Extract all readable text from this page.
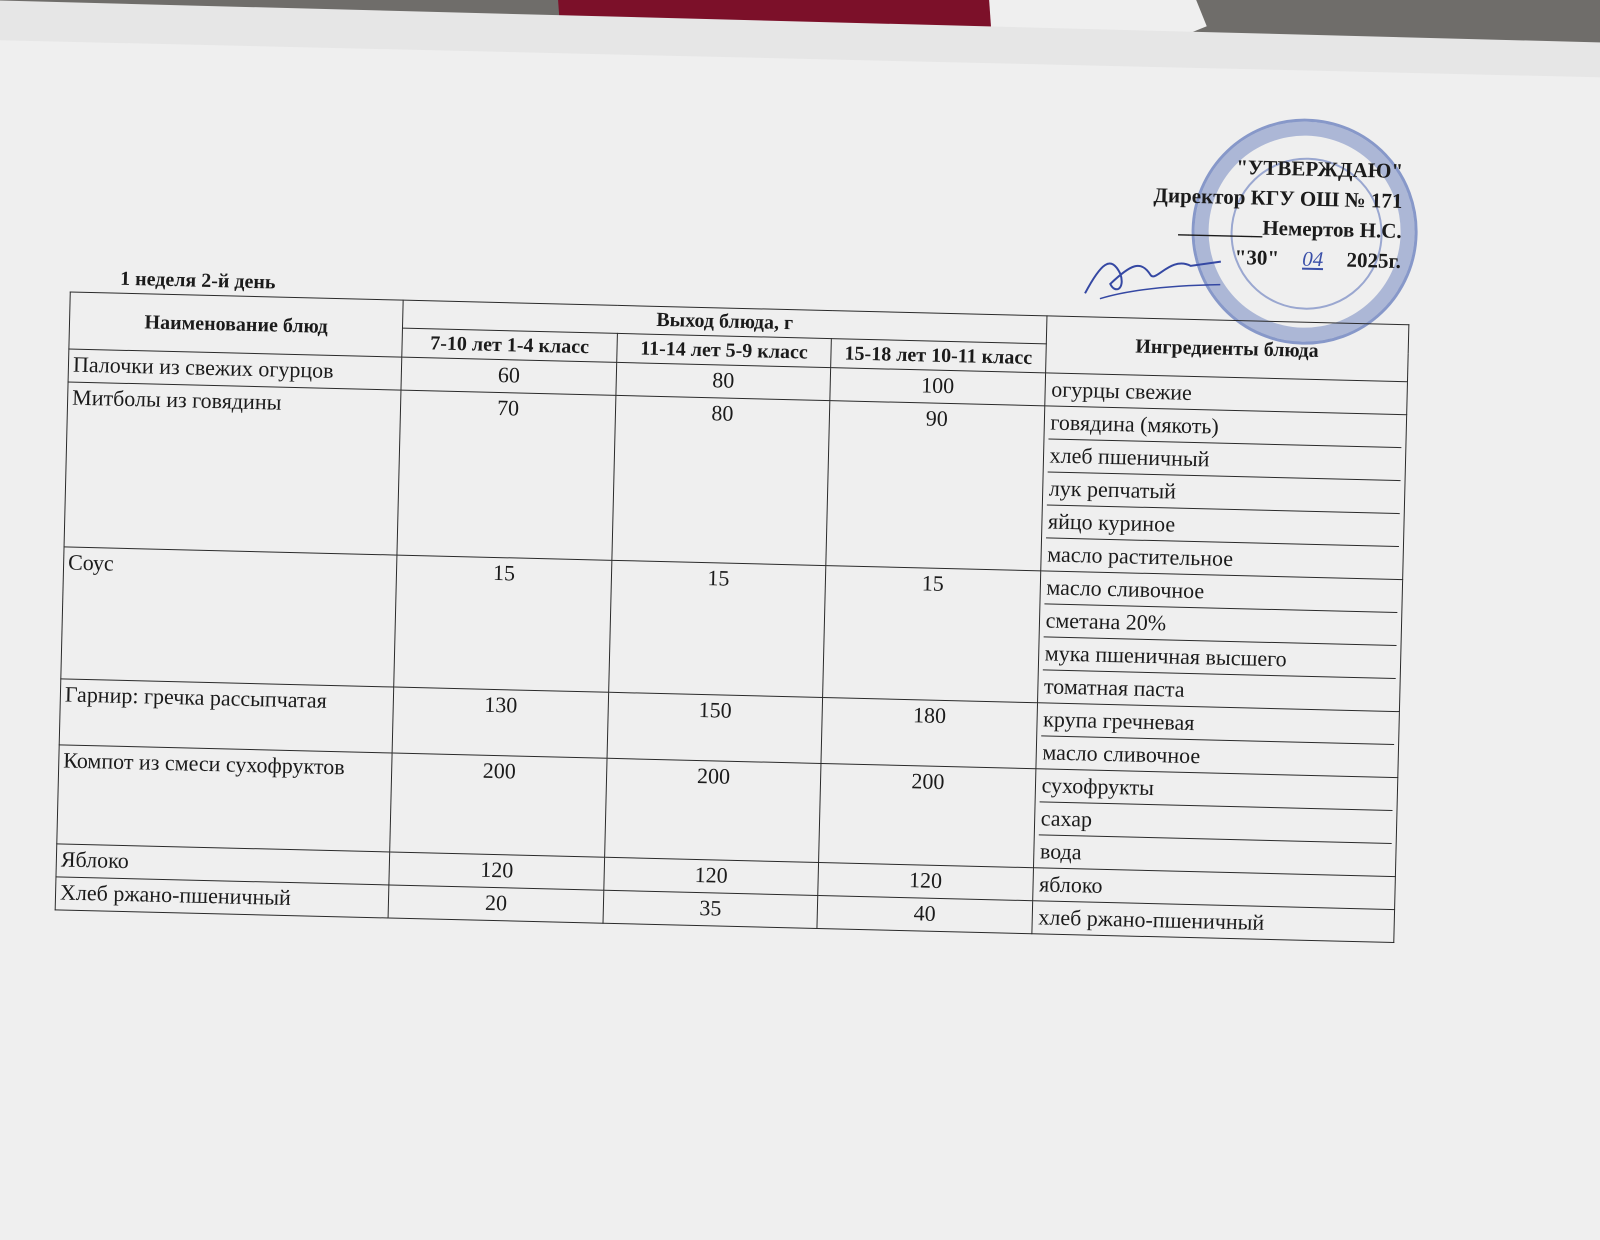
"УТВЕРЖДАЮ"
Директор КГУ ОШ № 171
________Немертов Н.С.
"30" 04 2025г.
1 неделя 2-й день
Наименование блюд	Выход блюда, г			Ингредиенты блюда
	7-10 лет 1-4 класс	11-14 лет 5-9 класс	15-18 лет 10-11 класс	
Палочки из свежих огурцов	60	80	100	огурцы свежие

Митболы из говядины	70	80	90	говядина (мякоть)
хлеб пшеничный
лук репчатый
яйцо куриное
масло растительное

Соус	15	15	15	масло сливочное
сметана 20%
мука пшеничная высшего
томатная паста

Гарнир: гречка рассыпчатая	130	150	180	крупа гречневая
масло сливочное

Компот из смеси сухофруктов	200	200	200	сухофрукты
сахар
вода

Яблоко	120	120	120	яблоко

Хлеб ржано-пшеничный	20	35	40	хлеб ржано-пшеничный
